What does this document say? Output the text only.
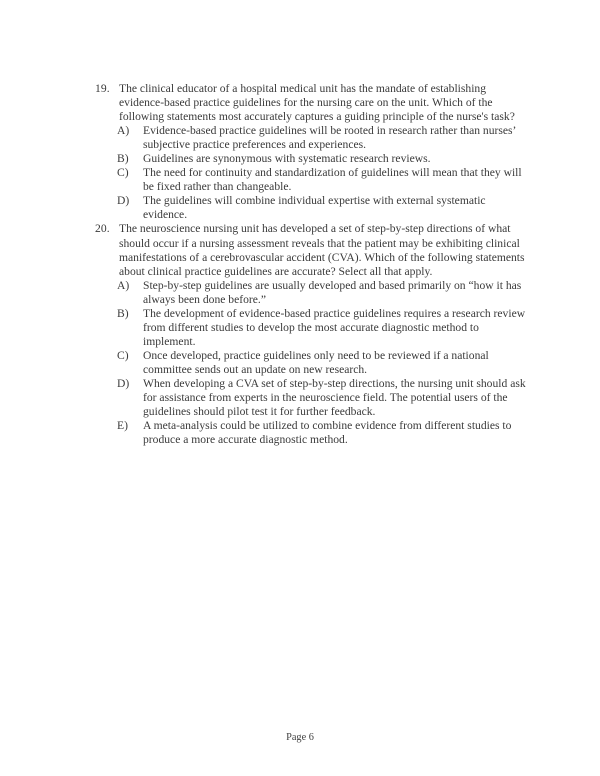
19. The clinical educator of a hospital medical unit has the mandate of establishing evidence-based practice guidelines for the nursing care on the unit. Which of the following statements most accurately captures a guiding principle of the nurse's task?
A)	Evidence-based practice guidelines will be rooted in research rather than nurses’ subjective practice preferences and experiences.
B)	Guidelines are synonymous with systematic research reviews.
C)	The need for continuity and standardization of guidelines will mean that they will be fixed rather than changeable.
D)	The guidelines will combine individual expertise with external systematic evidence.
20. The neuroscience nursing unit has developed a set of step-by-step directions of what should occur if a nursing assessment reveals that the patient may be exhibiting clinical manifestations of a cerebrovascular accident (CVA). Which of the following statements about clinical practice guidelines are accurate? Select all that apply.
A)	Step-by-step guidelines are usually developed and based primarily on “how it has always been done before.”
B)	The development of evidence-based practice guidelines requires a research review from different studies to develop the most accurate diagnostic method to implement.
C)	Once developed, practice guidelines only need to be reviewed if a national committee sends out an update on new research.
D)	When developing a CVA set of step-by-step directions, the nursing unit should ask for assistance from experts in the neuroscience field. The potential users of the guidelines should pilot test it for further feedback.
E)	A meta-analysis could be utilized to combine evidence from different studies to produce a more accurate diagnostic method.
Page 6
